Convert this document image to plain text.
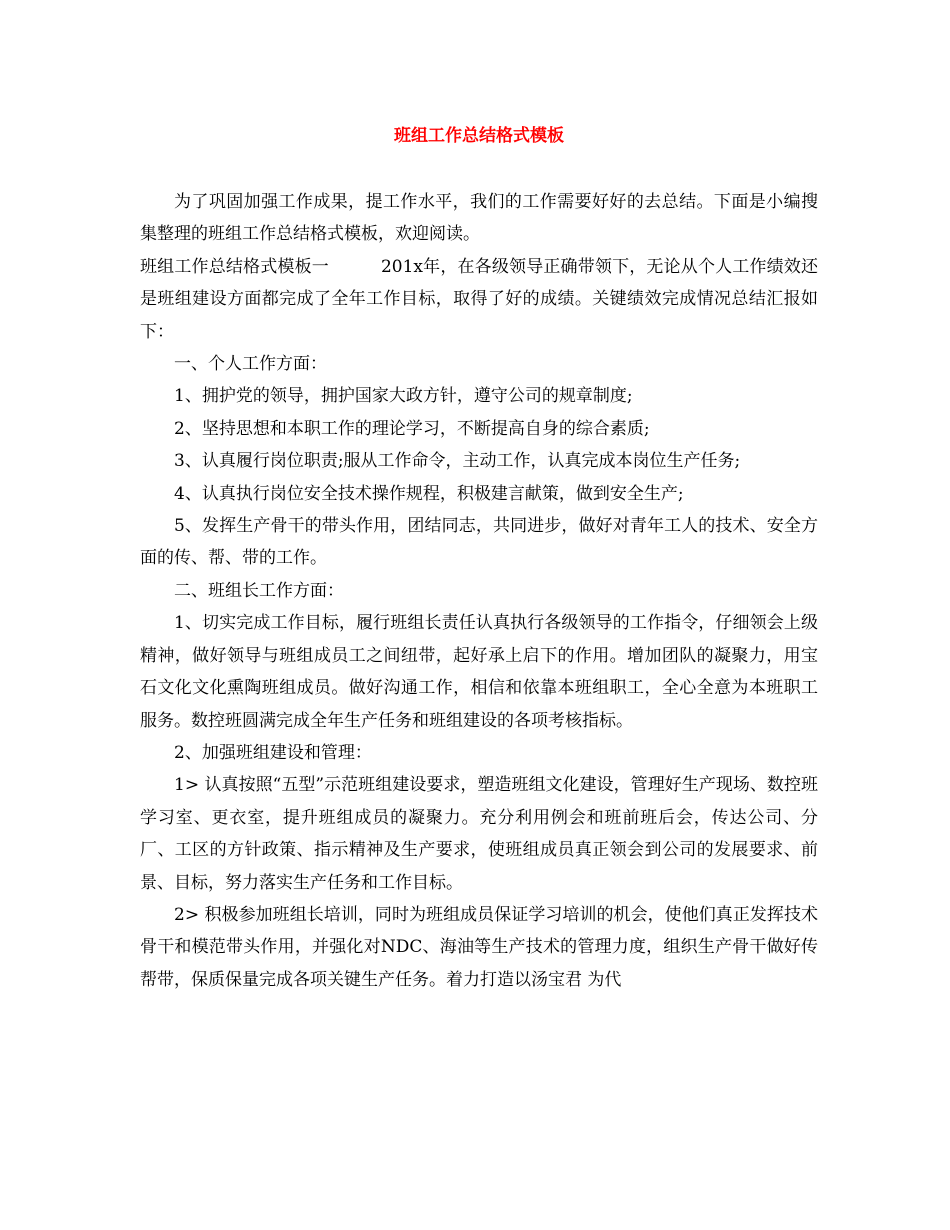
班组工作总结格式模板

为了巩固加强工作成果，提工作水平，我们的工作需要好好的去总结。下面是小编搜集整理的班组工作总结格式模板，欢迎阅读。

班组工作总结格式模板一	201x年，在各级领导正确带领下，无论从个人工作绩效还是班组建设方面都完成了全年工作目标，取得了好的成绩。关键绩效完成情况总结汇报如下：

一、个人工作方面：

1、拥护党的领导，拥护国家大政方针，遵守公司的规章制度;

2、坚持思想和本职工作的理论学习，不断提高自身的综合素质;

3、认真履行岗位职责;服从工作命令，主动工作，认真完成本岗位生产任务;

4、认真执行岗位安全技术操作规程，积极建言献策，做到安全生产;

5、发挥生产骨干的带头作用，团结同志，共同进步，做好对青年工人的技术、安全方面的传、帮、带的工作。

二、班组长工作方面：

1、切实完成工作目标，履行班组长责任认真执行各级领导的工作指令，仔细领会上级精神，做好领导与班组成员工之间纽带，起好承上启下的作用。增加团队的凝聚力，用宝石文化文化熏陶班组成员。做好沟通工作，相信和依靠本班组职工，全心全意为本班职工服务。数控班圆满完成全年生产任务和班组建设的各项考核指标。

2、加强班组建设和管理：

1> 认真按照“五型”示范班组建设要求，塑造班组文化建设，管理好生产现场、数控班学习室、更衣室，提升班组成员的凝聚力。充分利用例会和班前班后会，传达公司、分厂、工区的方针政策、指示精神及生产要求，使班组成员真正领会到公司的发展要求、前景、目标，努力落实生产任务和工作目标。

2> 积极参加班组长培训，同时为班组成员保证学习培训的机会，使他们真正发挥技术骨干和模范带头作用，并强化对NDC、海油等生产技术的管理力度，组织生产骨干做好传帮带，保质保量完成各项关键生产任务。着力打造以汤宝君 为代
